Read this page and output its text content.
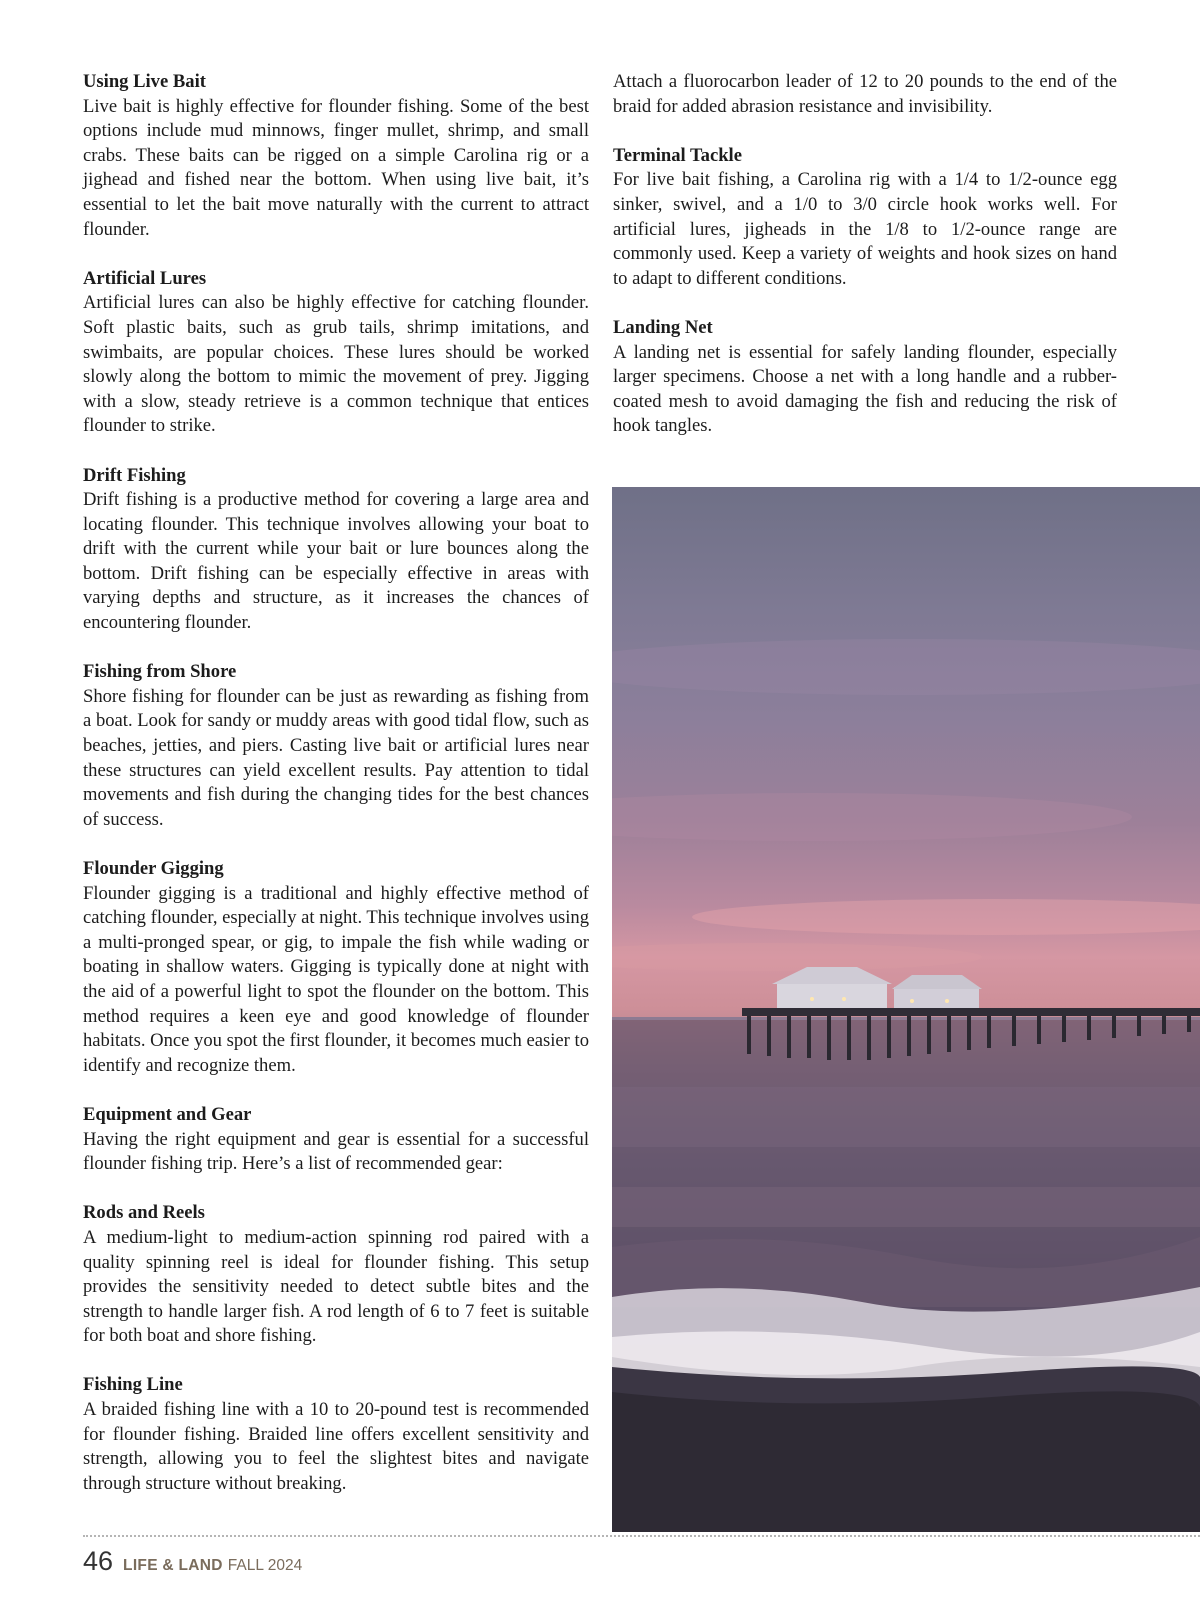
Using Live Bait

Live bait is highly effective for flounder fishing. Some of the best options include mud minnows, finger mullet, shrimp, and small crabs. These baits can be rigged on a simple Carolina rig or a jighead and fished near the bottom. When using live bait, it’s essential to let the bait move naturally with the current to attract flounder.

Artificial Lures

Artificial lures can also be highly effective for catching flounder. Soft plastic baits, such as grub tails, shrimp imitations, and swimbaits, are popular choices. These lures should be worked slowly along the bottom to mimic the movement of prey. Jigging with a slow, steady retrieve is a common technique that entices flounder to strike.

Drift Fishing

Drift fishing is a productive method for covering a large area and locating flounder. This technique involves allowing your boat to drift with the current while your bait or lure bounces along the bottom. Drift fishing can be especially effective in areas with varying depths and structure, as it increases the chances of encountering flounder.

Fishing from Shore

Shore fishing for flounder can be just as rewarding as fishing from a boat. Look for sandy or muddy areas with good tidal flow, such as beaches, jetties, and piers. Casting live bait or artificial lures near these structures can yield excellent results. Pay attention to tidal movements and fish during the changing tides for the best chances of success.

Flounder Gigging

Flounder gigging is a traditional and highly effective method of catching flounder, especially at night. This technique involves using a multi-pronged spear, or gig, to impale the fish while wading or boating in shallow waters. Gigging is typically done at night with the aid of a powerful light to spot the flounder on the bottom. This method requires a keen eye and good knowledge of flounder habitats. Once you spot the first flounder, it becomes much easier to identify and recognize them.

Equipment and Gear

Having the right equipment and gear is essential for a successful flounder fishing trip. Here’s a list of recommended gear:

Rods and Reels

A medium-light to medium-action spinning rod paired with a quality spinning reel is ideal for flounder fishing. This setup provides the sensitivity needed to detect subtle bites and the strength to handle larger fish. A rod length of 6 to 7 feet is suitable for both boat and shore fishing.

Fishing Line

A braided fishing line with a 10 to 20-pound test is recommended for flounder fishing. Braided line offers excellent sensitivity and strength, allowing you to feel the slightest bites and navigate through structure without breaking.

Attach a fluorocarbon leader of 12 to 20 pounds to the end of the braid for added abrasion resistance and invisibility.

Terminal Tackle

For live bait fishing, a Carolina rig with a 1/4 to 1/2-ounce egg sinker, swivel, and a 1/0 to 3/0 circle hook works well. For artificial lures, jigheads in the 1/8 to 1/2-ounce range are commonly used. Keep a variety of weights and hook sizes on hand to adapt to different conditions.

Landing Net

A landing net is essential for safely landing flounder, especially larger specimens. Choose a net with a long handle and a rubber-coated mesh to avoid damaging the fish and reducing the risk of hook tangles.

46 LIFE & LAND FALL 2024
